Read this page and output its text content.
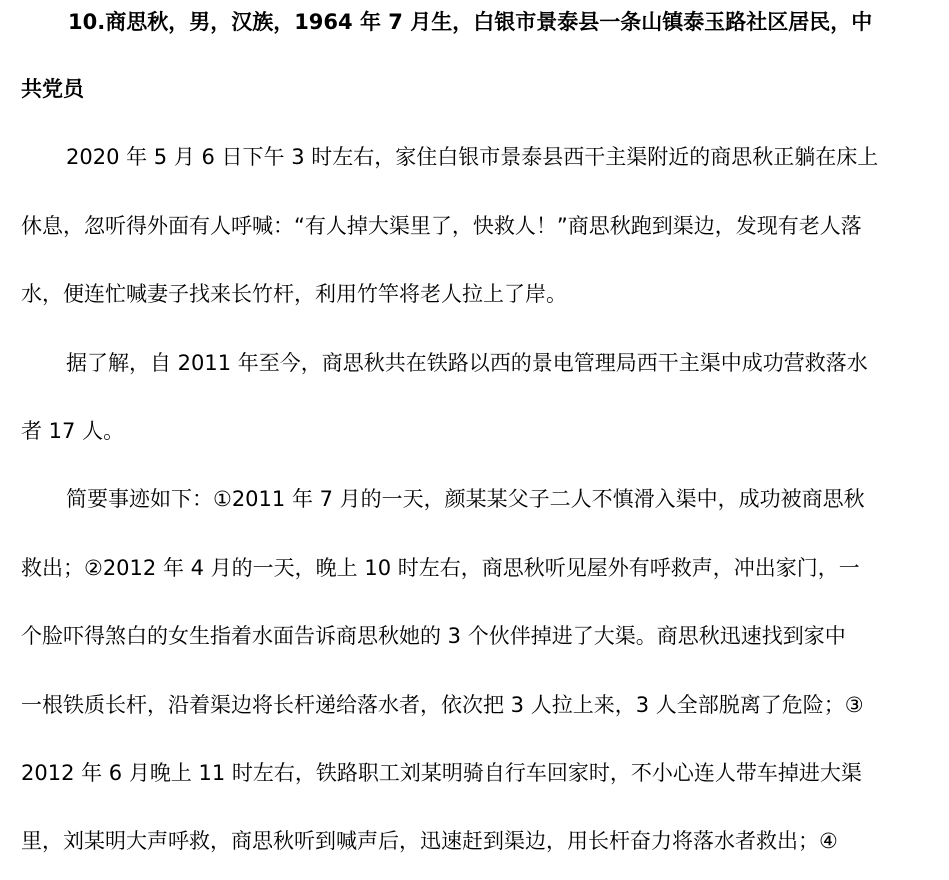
10.商思秋，男，汉族，1964 年 7 月生，白银市景泰县一条山镇泰玉路社区居民，中
共党员
2020 年 5 月 6 日下午 3 时左右，家住白银市景泰县西干主渠附近的商思秋正躺在床上
休息，忽听得外面有人呼喊：“有人掉大渠里了，快救人！”商思秋跑到渠边，发现有老人落
水，便连忙喊妻子找来长竹杆，利用竹竿将老人拉上了岸。
据了解，自 2011 年至今，商思秋共在铁路以西的景电管理局西干主渠中成功营救落水
者 17 人。
简要事迹如下：①2011 年 7 月的一天，颜某某父子二人不慎滑入渠中，成功被商思秋
救出；②2012 年 4 月的一天，晚上 10 时左右，商思秋听见屋外有呼救声，冲出家门，一
个脸吓得煞白的女生指着水面告诉商思秋她的 3 个伙伴掉进了大渠。商思秋迅速找到家中
一根铁质长杆，沿着渠边将长杆递给落水者，依次把 3 人拉上来，3 人全部脱离了危险；③
2012 年 6 月晚上 11 时左右，铁路职工刘某明骑自行车回家时，不小心连人带车掉进大渠
里，刘某明大声呼救，商思秋听到喊声后，迅速赶到渠边，用长杆奋力将落水者救出；④
